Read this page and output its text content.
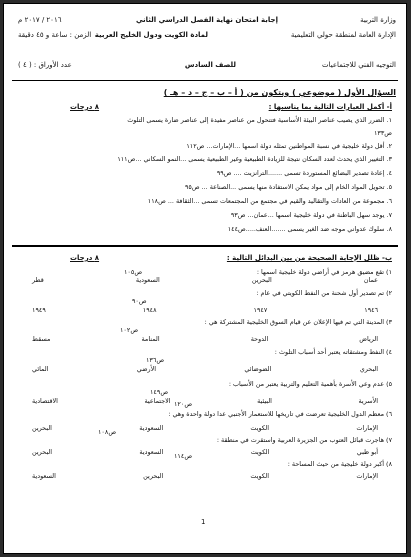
وزارة التربية
إجابة امتحان نهاية الفصل الدراسي الثاني
٢٠١٦ / ٢٠١٧ م
الإدارة العامة لمنطقة حولي التعليمية
لمادة الكويت ودول الخليج العربية
الزمن : ساعة و ٤٥ دقيقة
التوجيه الفني للاجتماعيات
للصف السادس
عدد الأوراق : ( ٤ )
السؤال الأول ( موضوعي ) ويتكون من ( أ – ب – ج – د – هـ )
أ- أكمل العبارات التالية بما يناسبها :
٨ درجات
١. الضرر الذي يصيب عناصر البيئة الأساسية فتتحول من عناصر مفيدة إلى عناصر ضارة يسمى التلوث
ص١٣٣
٢. أقل دولة خليجية في نسبة المواطنين تمثله دولة اسمها ...الإمارات... ص١١٢
٣. التغيير الذي يحدث لعدد السكان نتيجة للزيادة الطبيعية وغير الطبيعية يسمى ...النمو السكاني ...ص١١١
٤. إعادة تصدير البضائع المستوردة تسمى .......الترانزيت .... ص٩٩
٥. تحويل المواد الخام إلى مواد يمكن الاستفادة منها يسمى ...الصناعة ... ص٩٥
٦. مجموعة من العادات والتقاليد والقيم في مجتمع من المجتمعات تسمى ...الثقافة ... ص١١٨
٧. يوجد سهل الباطنة في دولة خليجية اسمها ...عمان... ص٩٣
٨. سلوك عدواني موجه ضد الغير يسمى .......العنف.....ص١٤٤
ب- ظلل الإجابة الصحيحة من بين البدائل التالية :
٨ درجات
١) تقع مضيق هرمز في أراضي دولة خليجية اسمها :
ص١٠٥
عمان
البحرين
السعودية
قطر
٢) تم تصدير أول شحنة من النفط الكويتي في عام :
ص٩٠
١٩٤٦
١٩٤٧
١٩٤٨
١٩٤٩
٣) المدينة التي تم فيها الإعلان عن قيام السوق الخليجية المشتركة هي :
ص١٠٢
الرياض
الدوحة
المنامة
مسقط
٤) النفط ومشتقاته يعتبر أحد أسباب التلوث :
ص١٣٦
البحري
الضوضائي
الأرضي
المائي
٥) عدم وعي الأسرة بأهمية التعليم والتربية يعتبر من الأسباب :
ص١٤٩
الأسرية
البيئية
الاجتماعية
الاقتصادية
٦) معظم الدول الخليجية تعرضت في تاريخها للاستعمار الأجنبي عدا دولة واحدة وهي :
ص١٢٠
الإمارات
الكويت
السعودية
البحرين
٧) هاجرت قبائل العتوب من الجزيرة العربية واستقرت في منطقة :
ص١٠٨
أبو ظبي
الكويت
السعودية
البحرين
٨) أكبر دولة خليجية من حيث المساحة :
ص١١٤
الإمارات
الكويت
البحرين
السعودية
1
